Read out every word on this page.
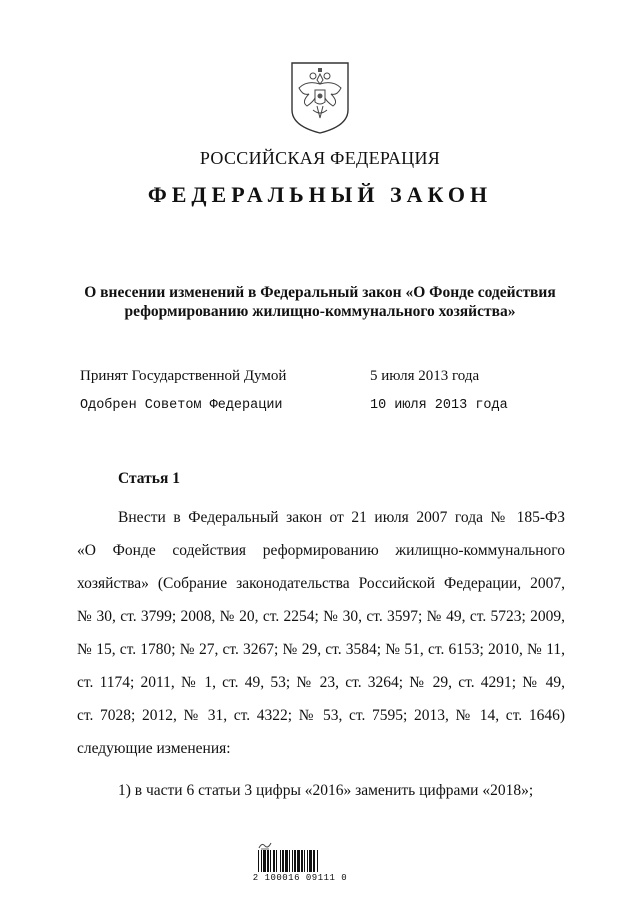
РОССИЙСКАЯ ФЕДЕРАЦИЯ
ФЕДЕРАЛЬНЫЙ ЗАКОН
О внесении изменений в Федеральный закон «О Фонде содействия
реформированию жилищно-коммунального хозяйства»
Принят Государственной Думой	5 июля 2013 года
Одобрен Советом Федерации	10 июля 2013 года
Статья 1
Внести в Федеральный закон от 21 июля 2007 года № 185-ФЗ
«О Фонде содействия реформированию жилищно-коммунального
хозяйства» (Собрание законодательства Российской Федерации, 2007,
№ 30, ст. 3799; 2008, № 20, ст. 2254; № 30, ст. 3597; № 49, ст. 5723; 2009,
№ 15, ст. 1780; № 27, ст. 3267; № 29, ст. 3584; № 51, ст. 6153; 2010, № 11,
ст. 1174; 2011, № 1, ст. 49, 53; № 23, ст. 3264; № 29, ст. 4291; № 49,
ст. 7028; 2012, № 31, ст. 4322; № 53, ст. 7595; 2013, № 14, ст. 1646)
следующие изменения:
1) в части 6 статьи 3 цифры «2016» заменить цифрами «2018»;
2 100016 09111 0
